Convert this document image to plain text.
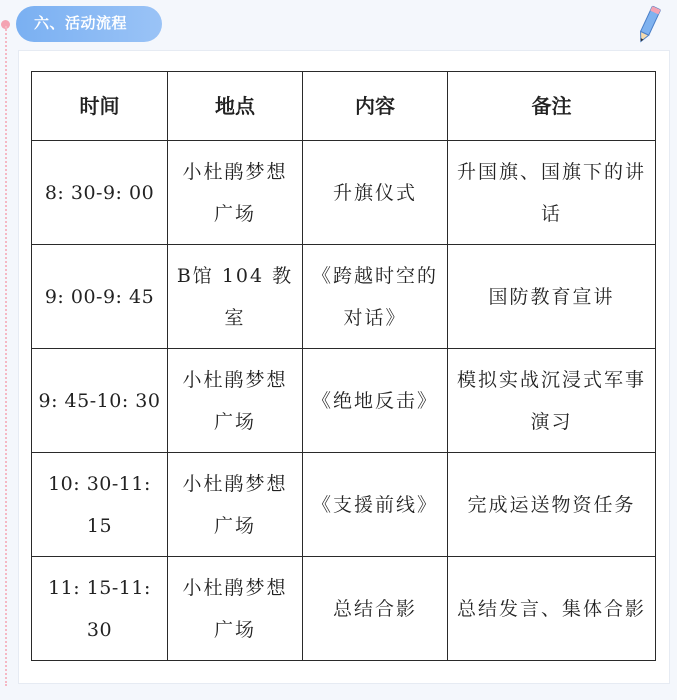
六、活动流程
时间	地点	内容	备注
8: 30-9: 00	小杜鹃梦想广场	升旗仪式	升国旗、国旗下的讲话
9: 00-9: 45	B馆 104 教室	《跨越时空的对话》	国防教育宣讲
9: 45-10: 30	小杜鹃梦想广场	《绝地反击》	模拟实战沉浸式军事演习
10: 30-11: 15	小杜鹃梦想广场	《支援前线》	完成运送物资任务
11: 15-11: 30	小杜鹃梦想广场	总结合影	总结发言、集体合影
